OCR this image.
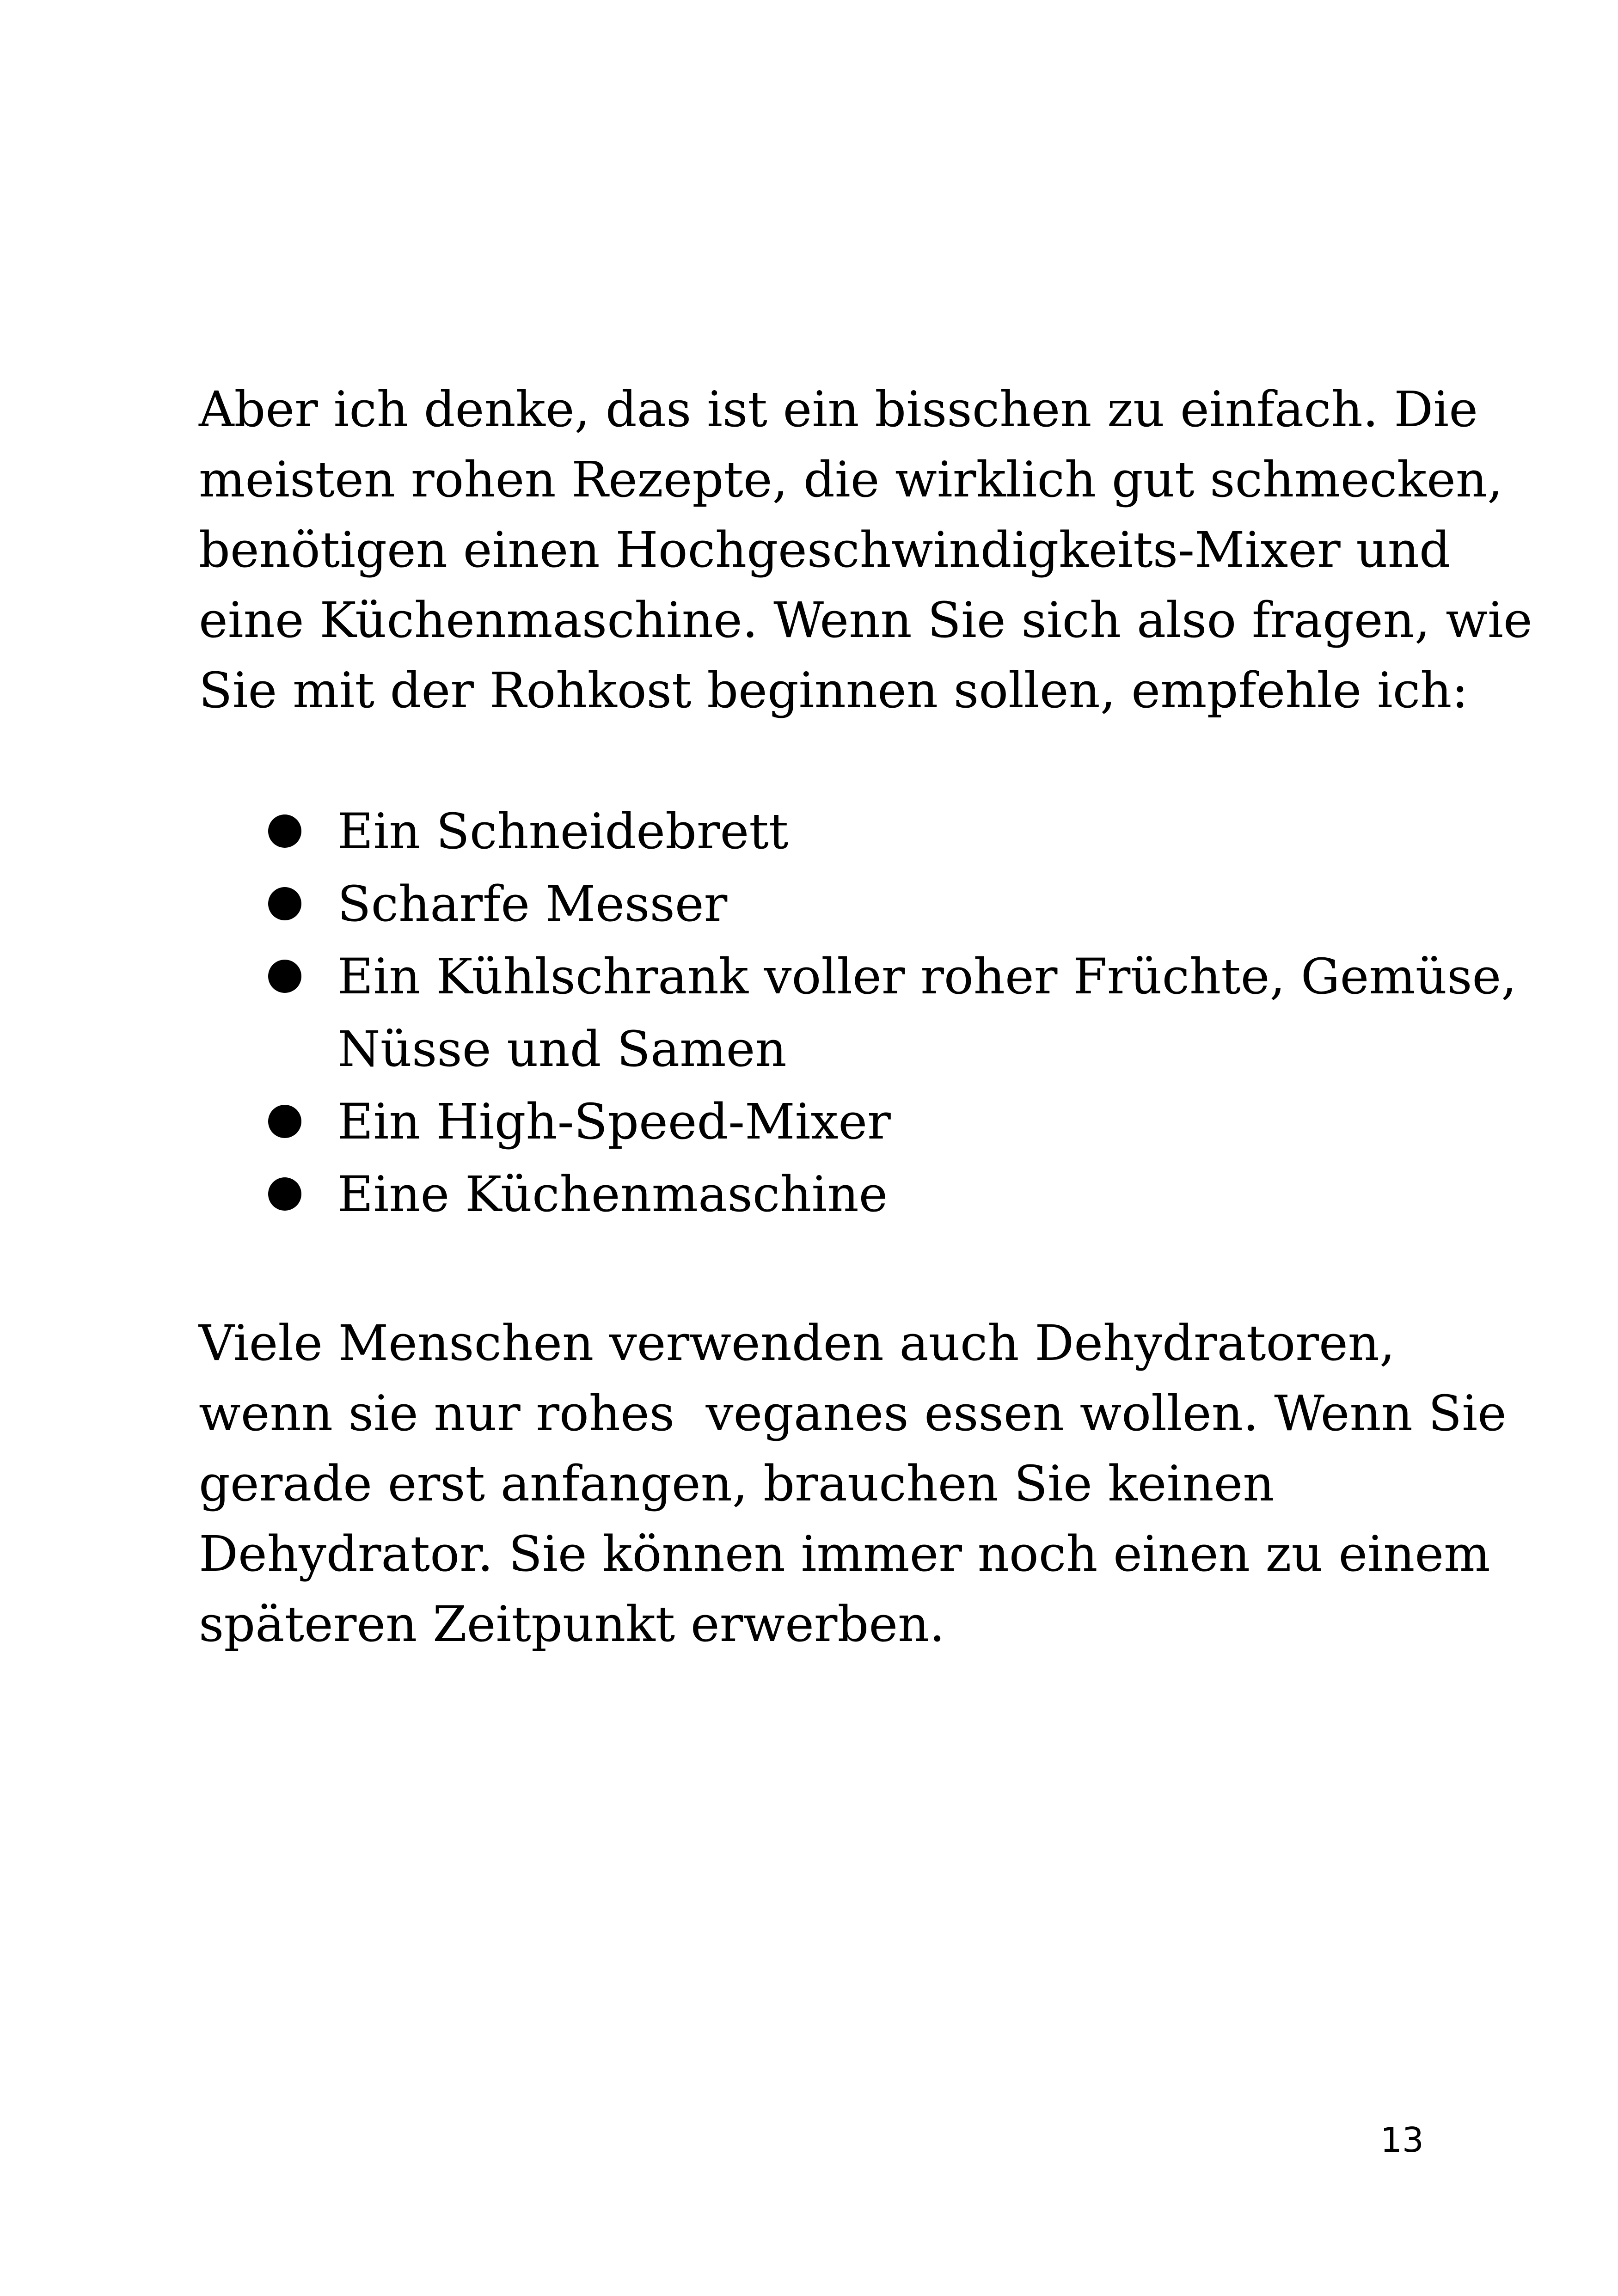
Aber ich denke, das ist ein bisschen zu einfach. Die
meisten rohen Rezepte, die wirklich gut schmecken,
benötigen einen Hochgeschwindigkeits-Mixer und
eine Küchenmaschine. Wenn Sie sich also fragen, wie
Sie mit der Rohkost beginnen sollen, empfehle ich:
Ein Schneidebrett
Scharfe Messer
Ein Kühlschrank voller roher Früchte, Gemüse,
Nüsse und Samen
Ein High-Speed-Mixer
Eine Küchenmaschine
Viele Menschen verwenden auch Dehydratoren,
wenn sie nur rohes  veganes essen wollen. Wenn Sie
gerade erst anfangen, brauchen Sie keinen
Dehydrator. Sie können immer noch einen zu einem
späteren Zeitpunkt erwerben.
13
